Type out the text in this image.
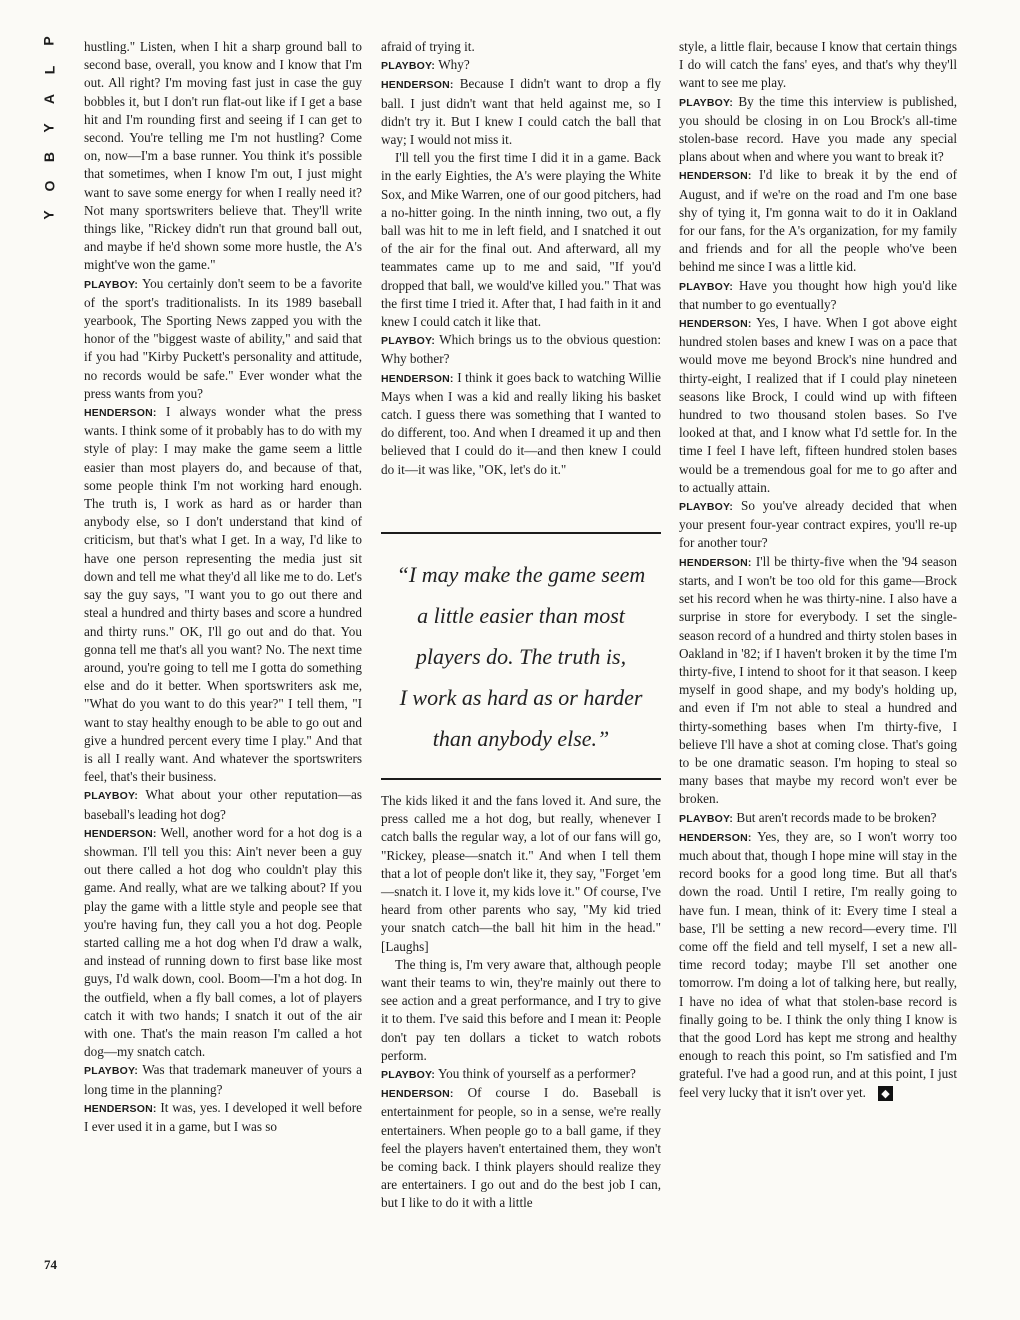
P
L
A
Y
B
O
Y
74

hustling." Listen, when I hit a sharp ground ball to second base, overall, you know and I know that I'm out. All right? I'm moving fast just in case the guy bobbles it, but I don't run flat-out like if I get a base hit and I'm rounding first and seeing if I can get to second. You're telling me I'm not hustling? Come on, now—I'm a base runner. You think it's possible that sometimes, when I know I'm out, I just might want to save some energy for when I really need it? Not many sportswriters believe that. They'll write things like, "Rickey didn't run that ground ball out, and maybe if he'd shown some more hustle, the A's might've won the game."

PLAYBOY: You certainly don't seem to be a favorite of the sport's traditionalists. In its 1989 baseball yearbook, The Sporting News zapped you with the honor of the "biggest waste of ability," and said that if you had "Kirby Puckett's personality and attitude, no records would be safe." Ever wonder what the press wants from you?

HENDERSON: I always wonder what the press wants. I think some of it probably has to do with my style of play: I may make the game seem a little easier than most players do, and because of that, some people think I'm not working hard enough. The truth is, I work as hard as or harder than anybody else, so I don't understand that kind of criticism, but that's what I get. In a way, I'd like to have one person representing the media just sit down and tell me what they'd all like me to do. Let's say the guy says, "I want you to go out there and steal a hundred and thirty bases and score a hundred and thirty runs." OK, I'll go out and do that. You gonna tell me that's all you want? No. The next time around, you're going to tell me I gotta do something else and do it better. When sportswriters ask me, "What do you want to do this year?" I tell them, "I want to stay healthy enough to be able to go out and give a hundred percent every time I play." And that is all I really want. And whatever the sportswriters feel, that's their business.

PLAYBOY: What about your other reputation—as baseball's leading hot dog?

HENDERSON: Well, another word for a hot dog is a showman. I'll tell you this: Ain't never been a guy out there called a hot dog who couldn't play this game. And really, what are we talking about? If you play the game with a little style and people see that you're having fun, they call you a hot dog. People started calling me a hot dog when I'd draw a walk, and instead of running down to first base like most guys, I'd walk down, cool. Boom—I'm a hot dog. In the outfield, when a fly ball comes, a lot of players catch it with two hands; I snatch it out of the air with one. That's the main reason I'm called a hot dog—my snatch catch.

PLAYBOY: Was that trademark maneuver of yours a long time in the planning?

HENDERSON: It was, yes. I developed it well before I ever used it in a game, but I was so

afraid of trying it.

PLAYBOY: Why?

HENDERSON: Because I didn't want to drop a fly ball. I just didn't want that held against me, so I didn't try it. But I knew I could catch the ball that way; I would not miss it.

I'll tell you the first time I did it in a game. Back in the early Eighties, the A's were playing the White Sox, and Mike Warren, one of our good pitchers, had a no-hitter going. In the ninth inning, two out, a fly ball was hit to me in left field, and I snatched it out of the air for the final out. And afterward, all my teammates came up to me and said, "If you'd dropped that ball, we would've killed you." That was the first time I tried it. After that, I had faith in it and knew I could catch it like that.

PLAYBOY: Which brings us to the obvious question: Why bother?

HENDERSON: I think it goes back to watching Willie Mays when I was a kid and really liking his basket catch. I guess there was something that I wanted to do different, too. And when I dreamed it up and then believed that I could do it—and then knew I could do it—it was like, "OK, let's do it."

“I may make the game seem

a little easier than most

players do. The truth is,

I work as hard as or harder

than anybody else.”

The kids liked it and the fans loved it. And sure, the press called me a hot dog, but really, whenever I catch balls the regular way, a lot of our fans will go, "Rickey, please—snatch it." And when I tell them that a lot of people don't like it, they say, "Forget 'em—snatch it. I love it, my kids love it." Of course, I've heard from other parents who say, "My kid tried your snatch catch—the ball hit him in the head." [Laughs]

The thing is, I'm very aware that, although people want their teams to win, they're mainly out there to see action and a great performance, and I try to give it to them. I've said this before and I mean it: People don't pay ten dollars a ticket to watch robots perform.

PLAYBOY: You think of yourself as a performer?

HENDERSON: Of course I do. Baseball is entertainment for people, so in a sense, we're really entertainers. When people go to a ball game, if they feel the players haven't entertained them, they won't be coming back. I think players should realize they are entertainers. I go out and do the best job I can, but I like to do it with a little

style, a little flair, because I know that certain things I do will catch the fans' eyes, and that's why they'll want to see me play.

PLAYBOY: By the time this interview is published, you should be closing in on Lou Brock's all-time stolen-base record. Have you made any special plans about when and where you want to break it?

HENDERSON: I'd like to break it by the end of August, and if we're on the road and I'm one base shy of tying it, I'm gonna wait to do it in Oakland for our fans, for the A's organization, for my family and friends and for all the people who've been behind me since I was a little kid.

PLAYBOY: Have you thought how high you'd like that number to go eventually?

HENDERSON: Yes, I have. When I got above eight hundred stolen bases and knew I was on a pace that would move me beyond Brock's nine hundred and thirty-eight, I realized that if I could play nineteen seasons like Brock, I could wind up with fifteen hundred to two thousand stolen bases. So I've looked at that, and I know what I'd settle for. In the time I feel I have left, fifteen hundred stolen bases would be a tremendous goal for me to go after and to actually attain.

PLAYBOY: So you've already decided that when your present four-year contract expires, you'll re-up for another tour?

HENDERSON: I'll be thirty-five when the '94 season starts, and I won't be too old for this game—Brock set his record when he was thirty-nine. I also have a surprise in store for everybody. I set the single-season record of a hundred and thirty stolen bases in Oakland in '82; if I haven't broken it by the time I'm thirty-five, I intend to shoot for it that season. I keep myself in good shape, and my body's holding up, and even if I'm not able to steal a hundred and thirty-something bases when I'm thirty-five, I believe I'll have a shot at coming close. That's going to be one dramatic season. I'm hoping to steal so many bases that maybe my record won't ever be broken.

PLAYBOY: But aren't records made to be broken?

HENDERSON: Yes, they are, so I won't worry too much about that, though I hope mine will stay in the record books for a good long time. But all that's down the road. Until I retire, I'm really going to have fun. I mean, think of it: Every time I steal a base, I'll be setting a new record—every time. I'll come off the field and tell myself, I set a new all-time record today; maybe I'll set another one tomorrow. I'm doing a lot of talking here, but really, I have no idea of what that stolen-base record is finally going to be. I think the only thing I know is that the good Lord has kept me strong and healthy enough to reach this point, so I'm satisfied and I'm grateful. I've had a good run, and at this point, I just feel very lucky that it isn't over yet. ◆
